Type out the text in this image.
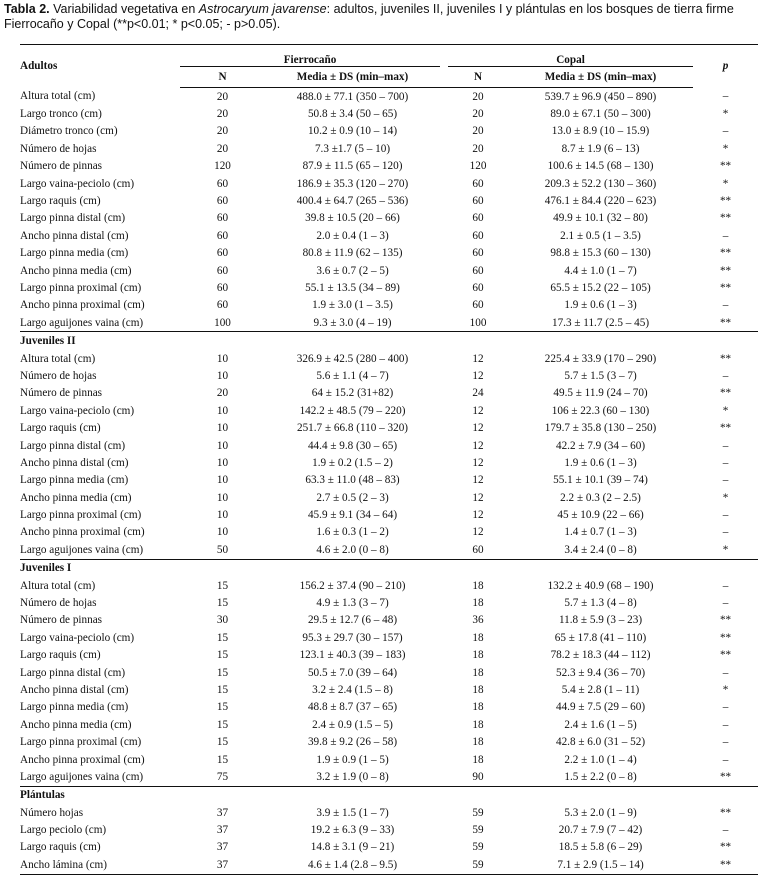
Tabla 2. Variabilidad vegetativa en Astrocaryum javarense: adultos, juveniles II, juveniles I y plántulas en los bosques de tierra firme Fierrocaño y Copal (**p<0.01; * p<0.05; - p>0.05).
Adultos	Fierrocaño			Copal		p
	N	Media ± DS (min–max)		N	Media ± DS (min–max)	
Altura total (cm)	20	488.0 ± 77.1 (350 – 700)		20	539.7 ± 96.9 (450 – 890)	–
Largo tronco (cm)	20	50.8 ± 3.4 (50 – 65)		20	89.0 ± 67.1 (50 – 300)	*
Diámetro tronco (cm)	20	10.2 ± 0.9 (10 – 14)		20	13.0 ± 8.9 (10 – 15.9)	–
Número de hojas	20	7.3 ±1.7 (5 – 10)		20	8.7 ± 1.9 (6 – 13)	*
Número de pinnas	120	87.9 ± 11.5 (65 – 120)		120	100.6 ± 14.5 (68 – 130)	**
Largo vaina-peciolo (cm)	60	186.9 ± 35.3 (120 – 270)		60	209.3 ± 52.2 (130 – 360)	*
Largo raquis (cm)	60	400.4 ± 64.7 (265 – 536)		60	476.1 ± 84.4 (220 – 623)	**
Largo pinna distal (cm)	60	39.8 ± 10.5 (20 – 66)		60	49.9 ± 10.1 (32 – 80)	**
Ancho pinna distal (cm)	60	2.0 ± 0.4 (1 – 3)		60	2.1 ± 0.5 (1 – 3.5)	–
Largo pinna media (cm)	60	80.8 ± 11.9 (62 – 135)		60	98.8 ± 15.3 (60 – 130)	**
Ancho pinna media (cm)	60	3.6 ± 0.7 (2 – 5)		60	4.4 ± 1.0 (1 – 7)	**
Largo pinna proximal (cm)	60	55.1 ± 13.5 (34 – 89)		60	65.5 ± 15.2 (22 – 105)	**
Ancho pinna proximal (cm)	60	1.9 ± 3.0 (1 – 3.5)		60	1.9 ± 0.6 (1 – 3)	–
Largo aguijones vaina (cm)	100	9.3 ± 3.0 (4 – 19)		100	17.3 ± 11.7 (2.5 – 45)	**
Juveniles II						
Altura total (cm)	10	326.9 ± 42.5 (280 – 400)		12	225.4 ± 33.9 (170 – 290)	**
Número de hojas	10	5.6 ± 1.1 (4 – 7)		12	5.7 ± 1.5 (3 – 7)	–
Número de pinnas	20	64 ± 15.2 (31+82)		24	49.5 ± 11.9 (24 – 70)	**
Largo vaina-peciolo (cm)	10	142.2 ± 48.5 (79 – 220)		12	106 ± 22.3 (60 – 130)	*
Largo raquis (cm)	10	251.7 ± 66.8 (110 – 320)		12	179.7 ± 35.8 (130 – 250)	**
Largo pinna distal (cm)	10	44.4 ± 9.8 (30 – 65)		12	42.2 ± 7.9 (34 – 60)	–
Ancho pinna distal (cm)	10	1.9 ± 0.2 (1.5 – 2)		12	1.9 ± 0.6 (1 – 3)	–
Largo pinna media (cm)	10	63.3 ± 11.0 (48 – 83)		12	55.1 ± 10.1 (39 – 74)	–
Ancho pinna media (cm)	10	2.7 ± 0.5 (2 – 3)		12	2.2 ± 0.3 (2 – 2.5)	*
Largo pinna proximal (cm)	10	45.9 ± 9.1 (34 – 64)		12	45 ± 10.9 (22 – 66)	–
Ancho pinna proximal (cm)	10	1.6 ± 0.3 (1 – 2)		12	1.4 ± 0.7 (1 – 3)	–
Largo aguijones vaina (cm)	50	4.6 ± 2.0 (0 – 8)		60	3.4 ± 2.4 (0 – 8)	*
Juveniles I						
Altura total (cm)	15	156.2 ± 37.4 (90 – 210)		18	132.2 ± 40.9 (68 – 190)	–
Número de hojas	15	4.9 ± 1.3 (3 – 7)		18	5.7 ± 1.3 (4 – 8)	–
Número de pinnas	30	29.5 ± 12.7 (6 – 48)		36	11.8 ± 5.9 (3 – 23)	**
Largo vaina-peciolo (cm)	15	95.3 ± 29.7 (30 – 157)		18	65 ± 17.8 (41 – 110)	**
Largo raquis (cm)	15	123.1 ± 40.3 (39 – 183)		18	78.2 ± 18.3 (44 – 112)	**
Largo pinna distal (cm)	15	50.5 ± 7.0 (39 – 64)		18	52.3 ± 9.4 (36 – 70)	–
Ancho pinna distal (cm)	15	3.2 ± 2.4 (1.5 – 8)		18	5.4 ± 2.8 (1 – 11)	*
Largo pinna media (cm)	15	48.8 ± 8.7 (37 – 65)		18	44.9 ± 7.5 (29 – 60)	–
Ancho pinna media (cm)	15	2.4 ± 0.9 (1.5 – 5)		18	2.4 ± 1.6 (1 – 5)	–
Largo pinna proximal (cm)	15	39.8 ± 9.2 (26 – 58)		18	42.8 ± 6.0 (31 – 52)	–
Ancho pinna proximal (cm)	15	1.9 ± 0.9 (1 – 5)		18	2.2 ± 1.0 (1 – 4)	–
Largo aguijones vaina (cm)	75	3.2 ± 1.9 (0 – 8)		90	1.5 ± 2.2 (0 – 8)	**
Plántulas						
Número hojas	37	3.9 ± 1.5 (1 – 7)		59	5.3 ± 2.0 (1 – 9)	**
Largo peciolo (cm)	37	19.2 ± 6.3 (9 – 33)		59	20.7 ± 7.9 (7 – 42)	–
Largo raquis (cm)	37	14.8 ± 3.1 (9 – 21)		59	18.5 ± 5.8 (6 – 29)	**
Ancho lámina (cm)	37	4.6 ± 1.4 (2.8 – 9.5)		59	7.1 ± 2.9 (1.5 – 14)	**
